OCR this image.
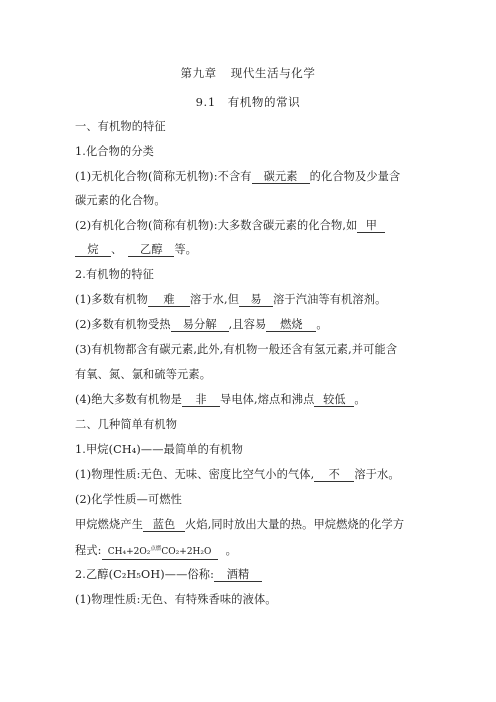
第九章 现代生活与化学
9.1 有机物的常识
一、有机物的特征
1.化合物的分类
(1)无机化合物(简称无机物):不含有 碳元素 的化合物及少量含
碳元素的化合物。
(2)有机化合物(简称有机物):大多数含碳元素的化合物,如 甲
烷 、 乙醇 等。
2.有机物的特征
(1)多数有机物 难 溶于水,但 易 溶于汽油等有机溶剂。
(2)多数有机物受热 易分解 ,且容易 燃烧 。
(3)有机物都含有碳元素,此外,有机物一般还含有氢元素,并可能含
有氧、氮、氯和硫等元素。
(4)绝大多数有机物是 非 导电体,熔点和沸点 较低 。
二、几种简单有机物
1.甲烷(CH₄)——最简单的有机物
(1)物理性质:无色、无味、密度比空气小的气体, 不 溶于水。
(2)化学性质—可燃性
甲烷燃烧产生 蓝色 火焰,同时放出大量的热。甲烷燃烧的化学方
程式: CH₄+2O₂$^{点燃}$CO₂+2H₂O 。
2.乙醇(C₂H₅OH)——俗称: 酒精
(1)物理性质:无色、有特殊香味的液体。
